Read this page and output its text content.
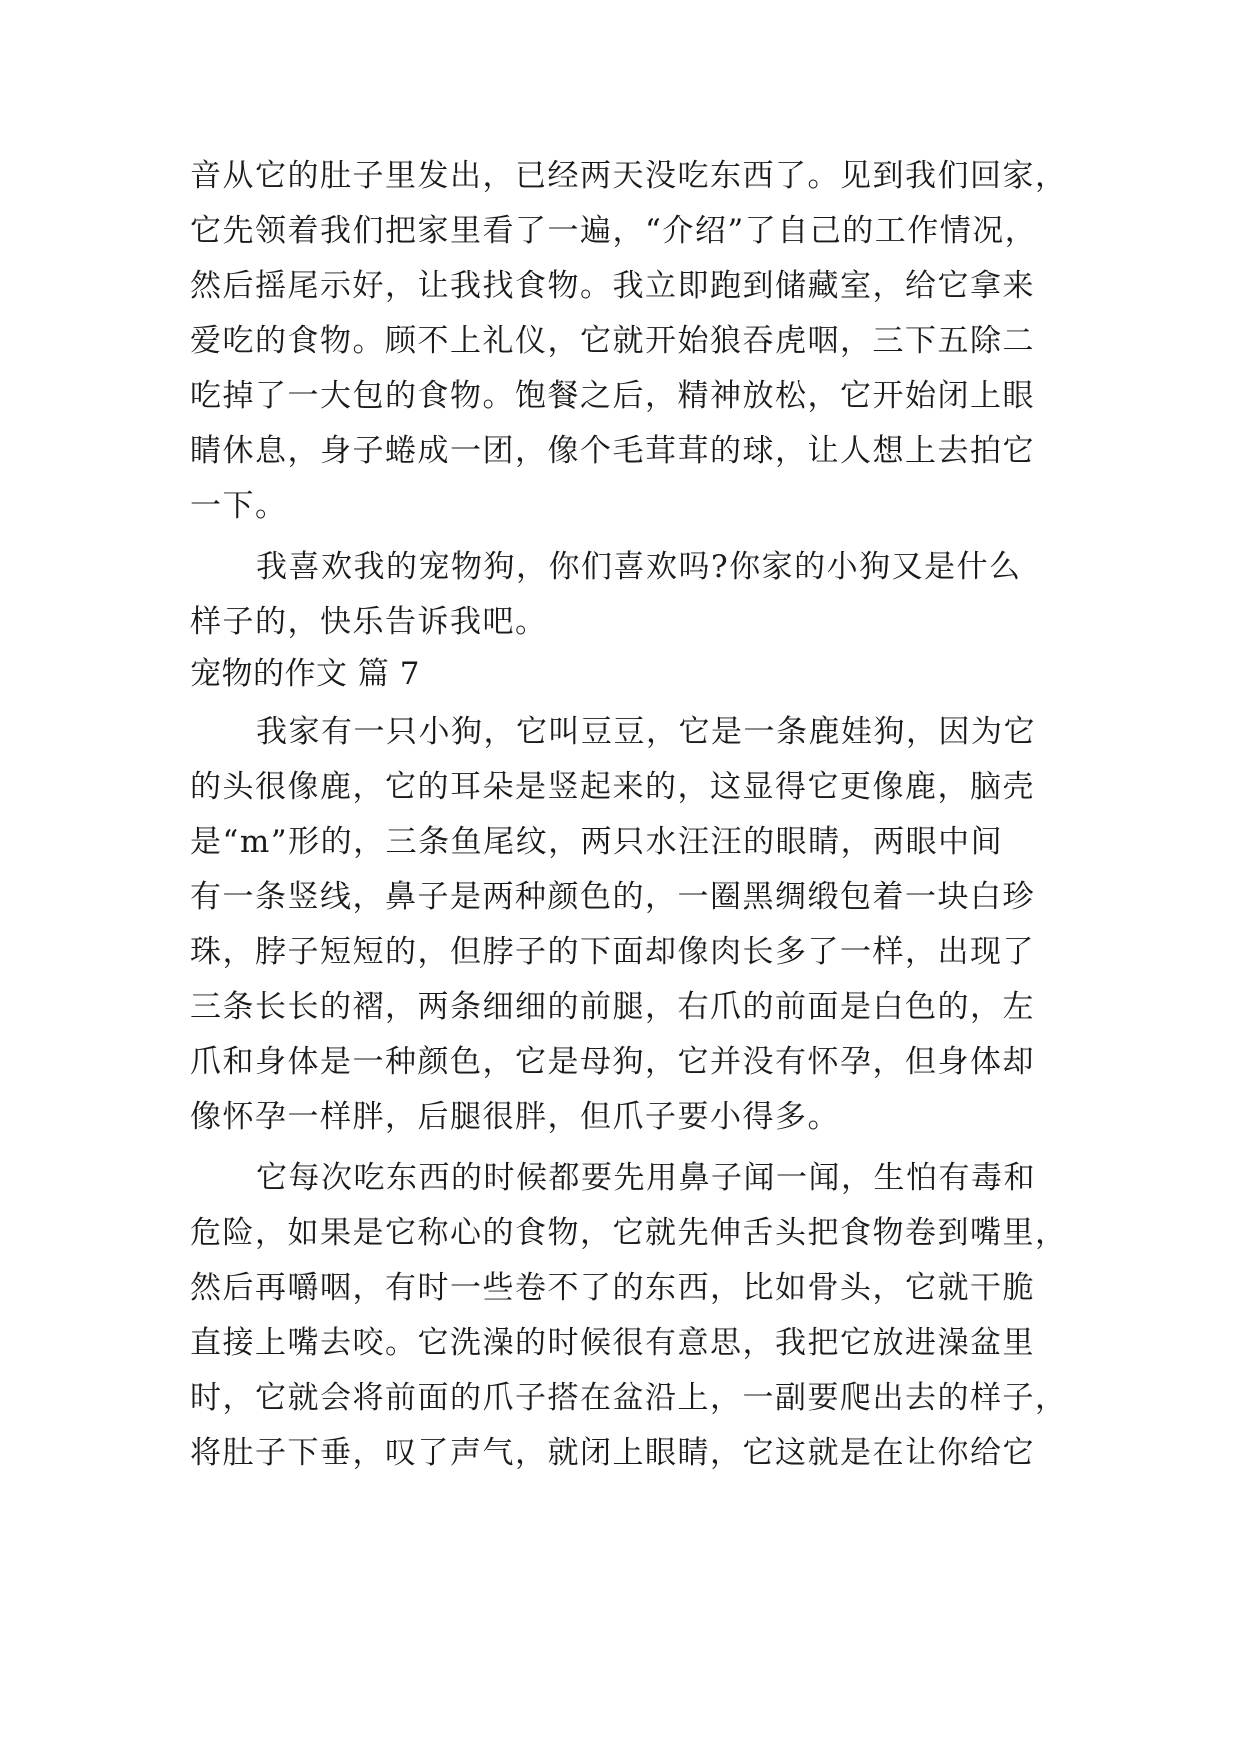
音从它的肚子里发出，已经两天没吃东西了。见到我们回家，
它先领着我们把家里看了一遍，“介绍”了自己的工作情况，
然后摇尾示好，让我找食物。我立即跑到储藏室，给它拿来
爱吃的食物。顾不上礼仪，它就开始狼吞虎咽，三下五除二
吃掉了一大包的食物。饱餐之后，精神放松，它开始闭上眼
睛休息，身子蜷成一团，像个毛茸茸的球，让人想上去拍它
一下。
我喜欢我的宠物狗，你们喜欢吗?你家的小狗又是什么
样子的，快乐告诉我吧。
宠物的作文 篇 7
我家有一只小狗，它叫豆豆，它是一条鹿娃狗，因为它
的头很像鹿，它的耳朵是竖起来的，这显得它更像鹿，脑壳
是“m”形的，三条鱼尾纹，两只水汪汪的眼睛，两眼中间
有一条竖线，鼻子是两种颜色的，一圈黑绸缎包着一块白珍
珠，脖子短短的，但脖子的下面却像肉长多了一样，出现了
三条长长的褶，两条细细的前腿，右爪的前面是白色的，左
爪和身体是一种颜色，它是母狗，它并没有怀孕，但身体却
像怀孕一样胖，后腿很胖，但爪子要小得多。
它每次吃东西的时候都要先用鼻子闻一闻，生怕有毒和
危险，如果是它称心的食物，它就先伸舌头把食物卷到嘴里，
然后再嚼咽，有时一些卷不了的东西，比如骨头，它就干脆
直接上嘴去咬。它洗澡的时候很有意思，我把它放进澡盆里
时，它就会将前面的爪子搭在盆沿上，一副要爬出去的样子，
将肚子下垂，叹了声气，就闭上眼睛，它这就是在让你给它
